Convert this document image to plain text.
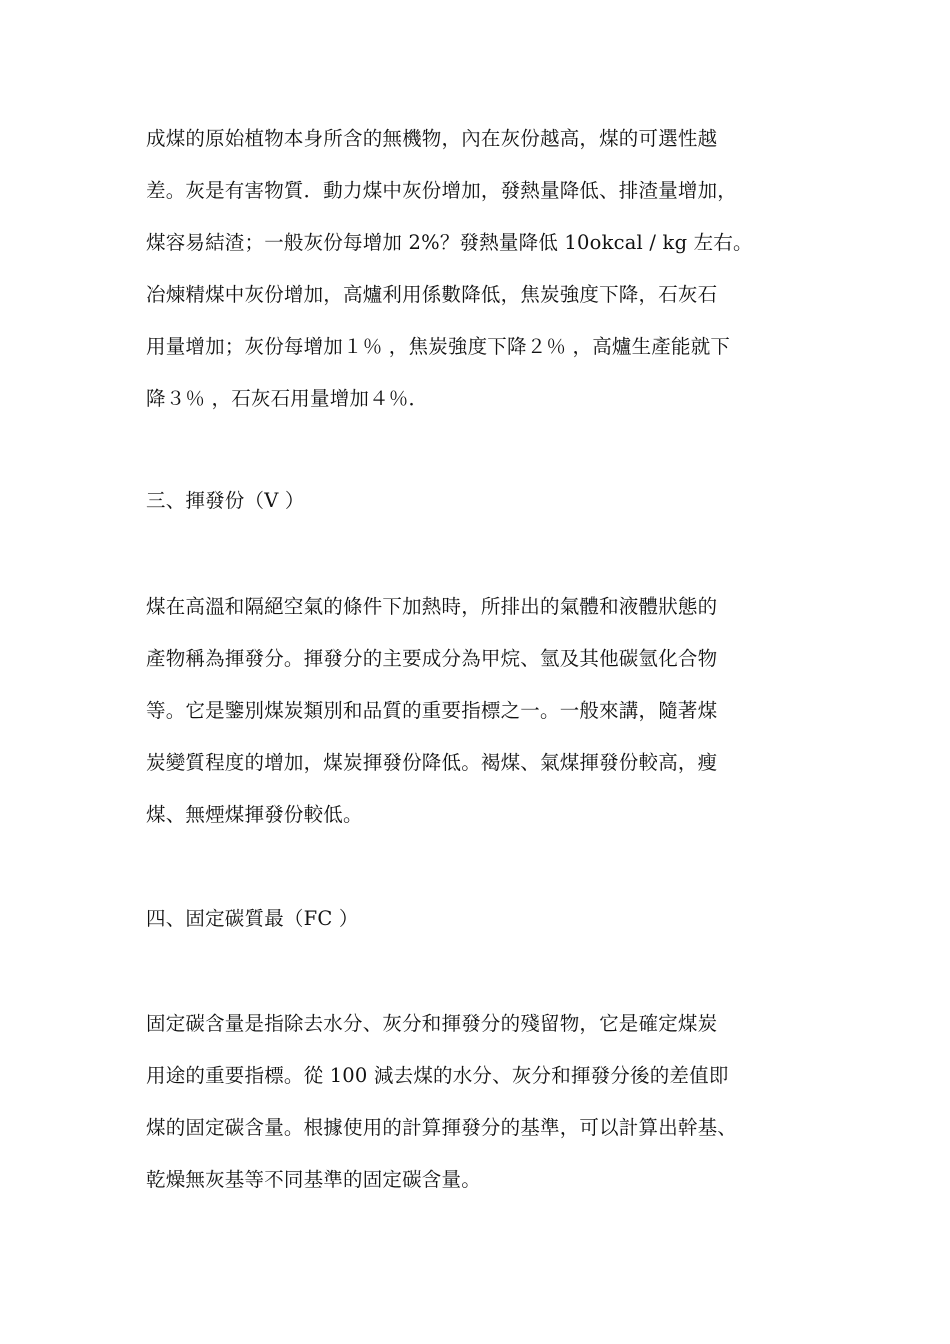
成煤的原始植物本身所含的無機物，內在灰份越高，煤的可選性越
差。灰是有害物質．動力煤中灰份增加，發熱量降低、排渣量增加，
煤容易結渣；一般灰份每增加 2%？發熱量降低 10okcal / kg 左右。
冶煉精煤中灰份增加，高爐利用係數降低，焦炭強度下降，石灰石
用量增加；灰份每增加１％ ，焦炭強度下降２％ ，高爐生產能就下
降３％ ，石灰石用量增加４％．
三、揮發份（V ）
煤在高溫和隔絕空氣的條件下加熱時，所排出的氣體和液體狀態的
產物稱為揮發分。揮發分的主要成分為甲烷、氫及其他碳氫化合物
等。它是鑒別煤炭類別和品質的重要指標之一。一般來講，隨著煤
炭變質程度的增加，煤炭揮發份降低。褐煤、氣煤揮發份較高，瘦
煤、無煙煤揮發份較低。
四、固定碳質最（FC ）
固定碳含量是指除去水分、灰分和揮發分的殘留物，它是確定煤炭
用途的重要指標。從 100 減去煤的水分、灰分和揮發分後的差值即
煤的固定碳含量。根據使用的計算揮發分的基準，可以計算出幹基、
乾燥無灰基等不同基準的固定碳含量。
